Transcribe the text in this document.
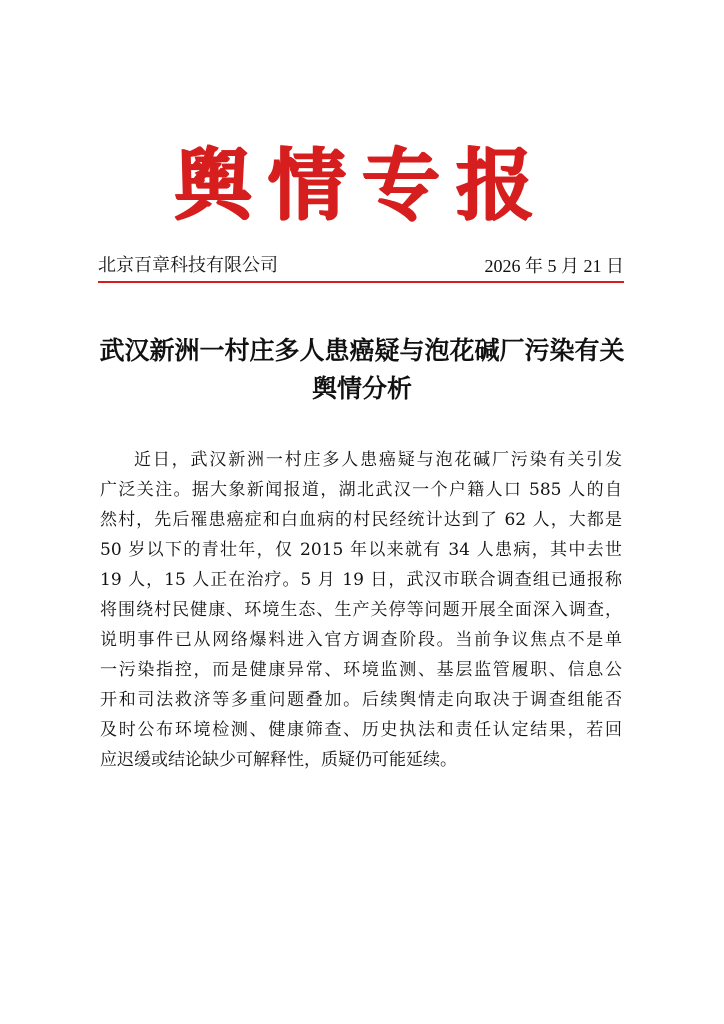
舆情专报
北京百章科技有限公司	2026 年 5 月 21 日
武汉新洲一村庄多人患癌疑与泡花碱厂污染有关
舆情分析
近日，武汉新洲一村庄多人患癌疑与泡花碱厂污染有关引发
广泛关注。据大象新闻报道，湖北武汉一个户籍人口 585 人的自
然村，先后罹患癌症和白血病的村民经统计达到了 62 人，大都是
50 岁以下的青壮年，仅 2015 年以来就有 34 人患病，其中去世
19 人，15 人正在治疗。5 月 19 日，武汉市联合调查组已通报称
将围绕村民健康、环境生态、生产关停等问题开展全面深入调查，
说明事件已从网络爆料进入官方调查阶段。当前争议焦点不是单
一污染指控，而是健康异常、环境监测、基层监管履职、信息公
开和司法救济等多重问题叠加。后续舆情走向取决于调查组能否
及时公布环境检测、健康筛查、历史执法和责任认定结果，若回
应迟缓或结论缺少可解释性，质疑仍可能延续。
